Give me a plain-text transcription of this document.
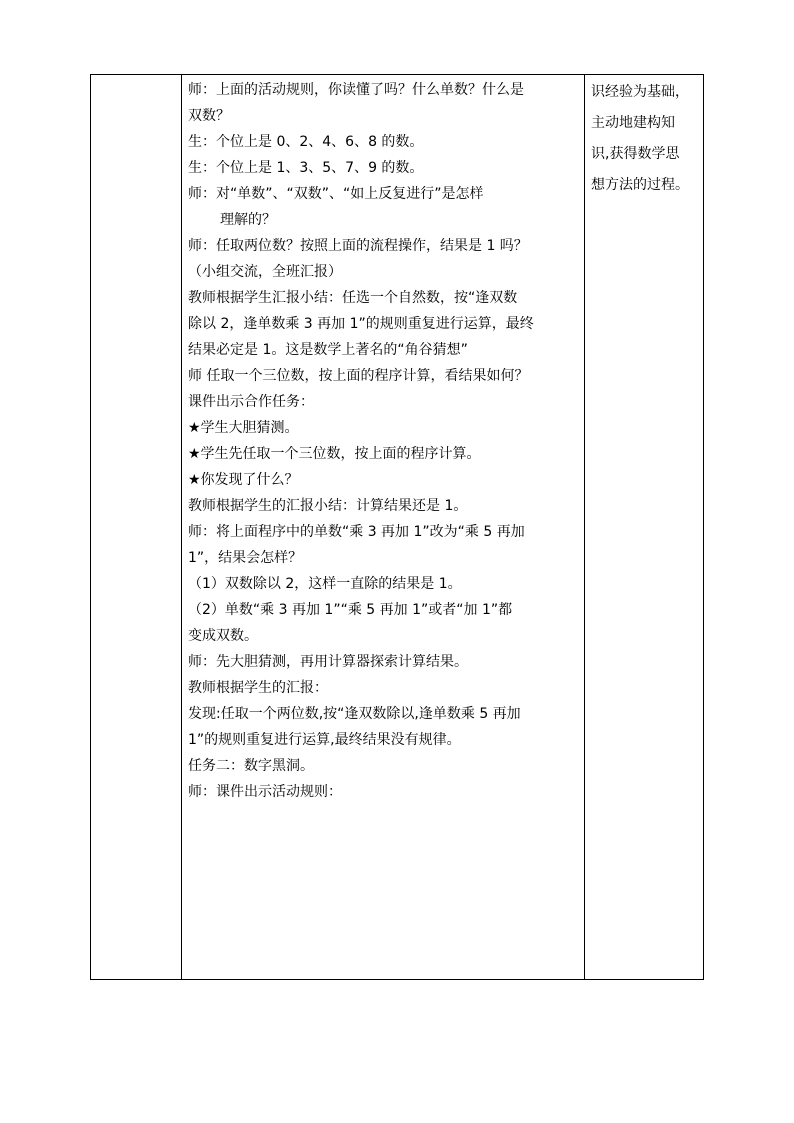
师：上面的活动规则，你读懂了吗？什么单数？什么是
双数？
生：个位上是 0、2、4、6、8 的数。
生：个位上是 1、3、5、7、9 的数。
师：对“单数”、“双数”、“如上反复进行”是怎样
理解的？
师：任取两位数？按照上面的流程操作，结果是 1 吗？
（小组交流，全班汇报）
教师根据学生汇报小结：任选一个自然数，按“逢双数
除以 2，逢单数乘 3 再加 1”的规则重复进行运算，最终
结果必定是 1。这是数学上著名的“角谷猜想”
师 任取一个三位数，按上面的程序计算，看结果如何？
课件出示合作任务：
★学生大胆猜测。
★学生先任取一个三位数，按上面的程序计算。
★你发现了什么？
教师根据学生的汇报小结：计算结果还是 1。
师：将上面程序中的单数“乘 3 再加 1”改为“乘 5 再加
1”，结果会怎样？
（1）双数除以 2，这样一直除的结果是 1。
（2）单数“乘 3 再加 1”“乘 5 再加 1”或者“加 1”都
变成双数。
师：先大胆猜测，再用计算器探索计算结果。
教师根据学生的汇报：
发现:任取一个两位数,按“逢双数除以,逢单数乘 5 再加
1”的规则重复进行运算,最终结果没有规律。
任务二：数字黑洞。
师：课件出示活动规则：

识经验为基础，
主动地建构知
识,获得数学思
想方法的过程。
